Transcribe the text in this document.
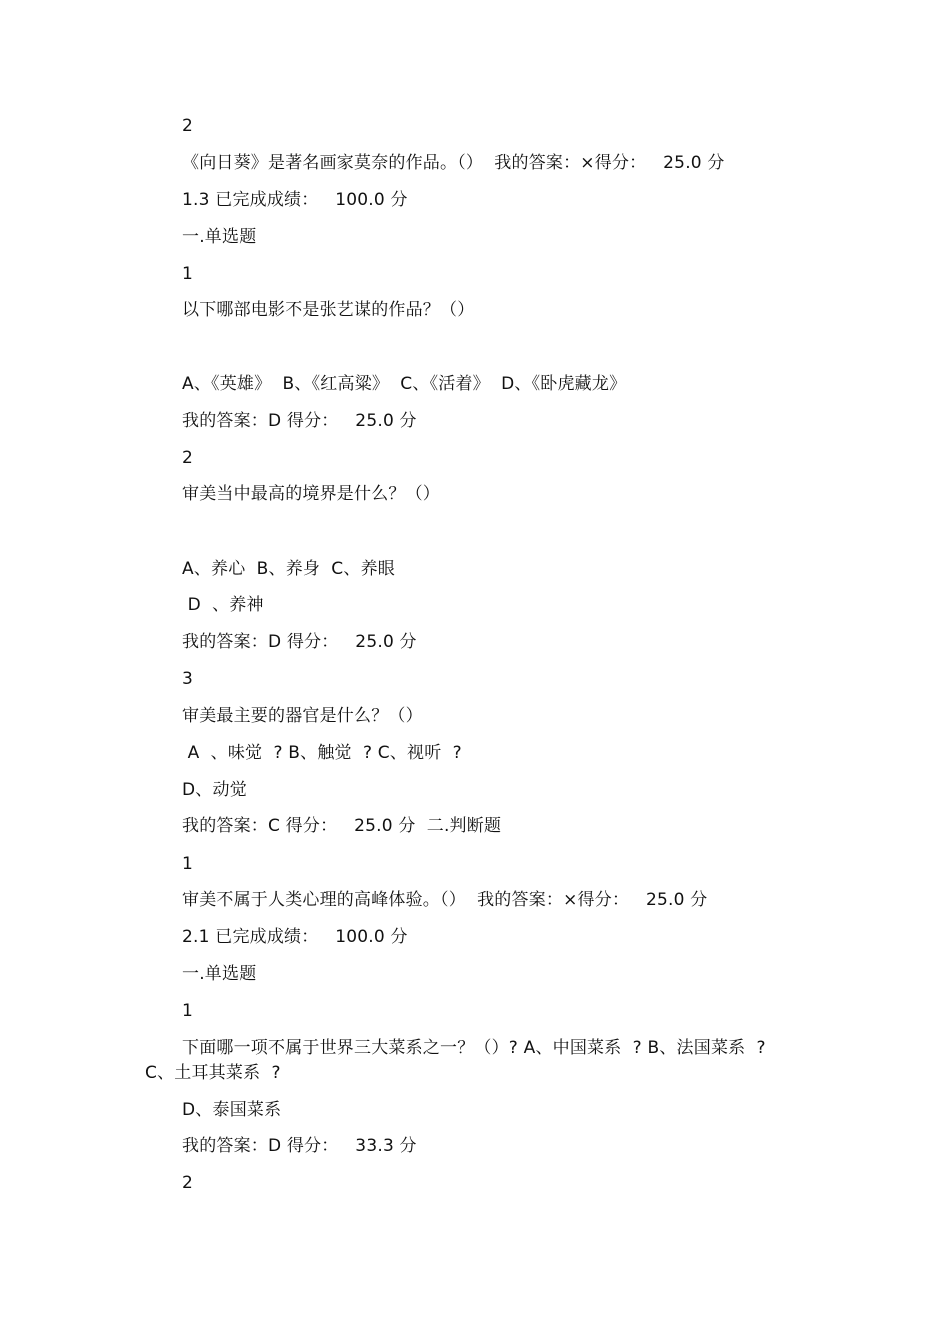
2
《向日葵》是著名画家莫奈的作品。（）  我的答案：×得分：   25.0 分
1.3 已完成成绩：   100.0 分
一.单选题
1
以下哪部电影不是张艺谋的作品？（）
A、《英雄》  B、《红高粱》  C、《活着》  D、《卧虎藏龙》
我的答案：D 得分：   25.0 分
2
审美当中最高的境界是什么？（）
A、养心  B、养身  C、养眼
D  、养神
我的答案：D 得分：   25.0 分
3
审美最主要的器官是什么？（）
A  、味觉  ? B、触觉  ? C、视听  ?
D、动觉
我的答案：C 得分：   25.0 分  二.判断题
1
审美不属于人类心理的高峰体验。（）  我的答案：×得分：   25.0 分
2.1 已完成成绩：   100.0 分
一.单选题
1
下面哪一项不属于世界三大菜系之一？（）? A、中国菜系  ? B、法国菜系  ?
C、土耳其菜系  ?
D、泰国菜系
我的答案：D 得分：   33.3 分
2
